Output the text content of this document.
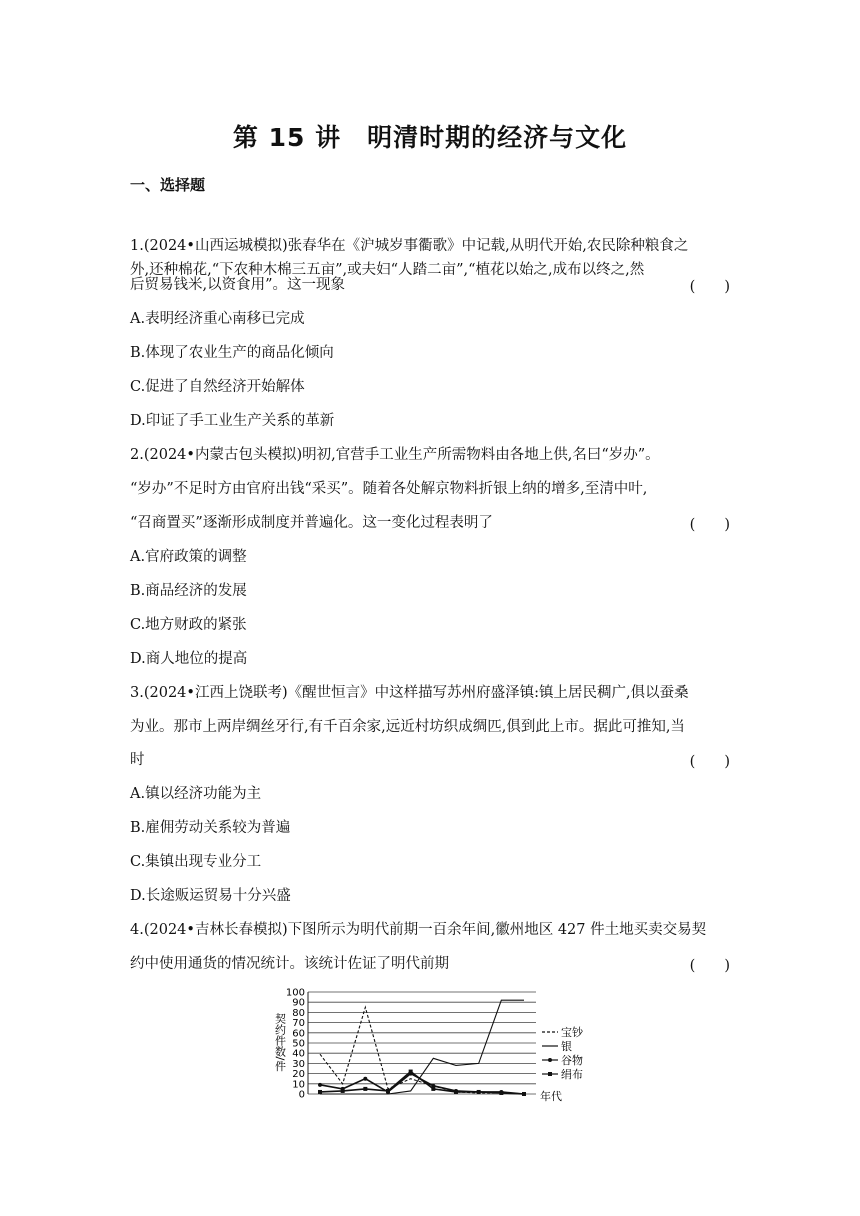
第 15 讲　明清时期的经济与文化
一、选择题
1.(2024•山西运城模拟)张春华在《沪城岁事衢歌》中记载,从明代开始,农民除种粮食之
外,还种棉花,“下农种木棉三五亩”,或夫妇“人踏二亩”,“植花以始之,成布以终之,然
后贸易钱米,以资食用”。这一现象	(　　)
A.表明经济重心南移已完成
B.体现了农业生产的商品化倾向
C.促进了自然经济开始解体
D.印证了手工业生产关系的革新
2.(2024•内蒙古包头模拟)明初,官营手工业生产所需物料由各地上供,名曰“岁办”。
“岁办”不足时方由官府出钱“采买”。随着各处解京物料折银上纳的增多,至清中叶,
“召商置买”逐渐形成制度并普遍化。这一变化过程表明了	(　　)
A.官府政策的调整
B.商品经济的发展
C.地方财政的紧张
D.商人地位的提高
3.(2024•江西上饶联考)《醒世恒言》中这样描写苏州府盛泽镇:镇上居民稠广,俱以蚕桑
为业。那市上两岸绸丝牙行,有千百余家,远近村坊织成绸匹,俱到此上市。据此可推知,当
时	(　　)
A.镇以经济功能为主
B.雇佣劳动关系较为普遍
C.集镇出现专业分工
D.长途贩运贸易十分兴盛
4.(2024•吉林长春模拟)下图所示为明代前期一百余年间,徽州地区 427 件土地买卖交易契
约中使用通货的情况统计。该统计佐证了明代前期	(　　)
契约件数/件
0
10
20
30
40
50
60
70
80
90
100
宝钞
银
谷物
绢布
年代
